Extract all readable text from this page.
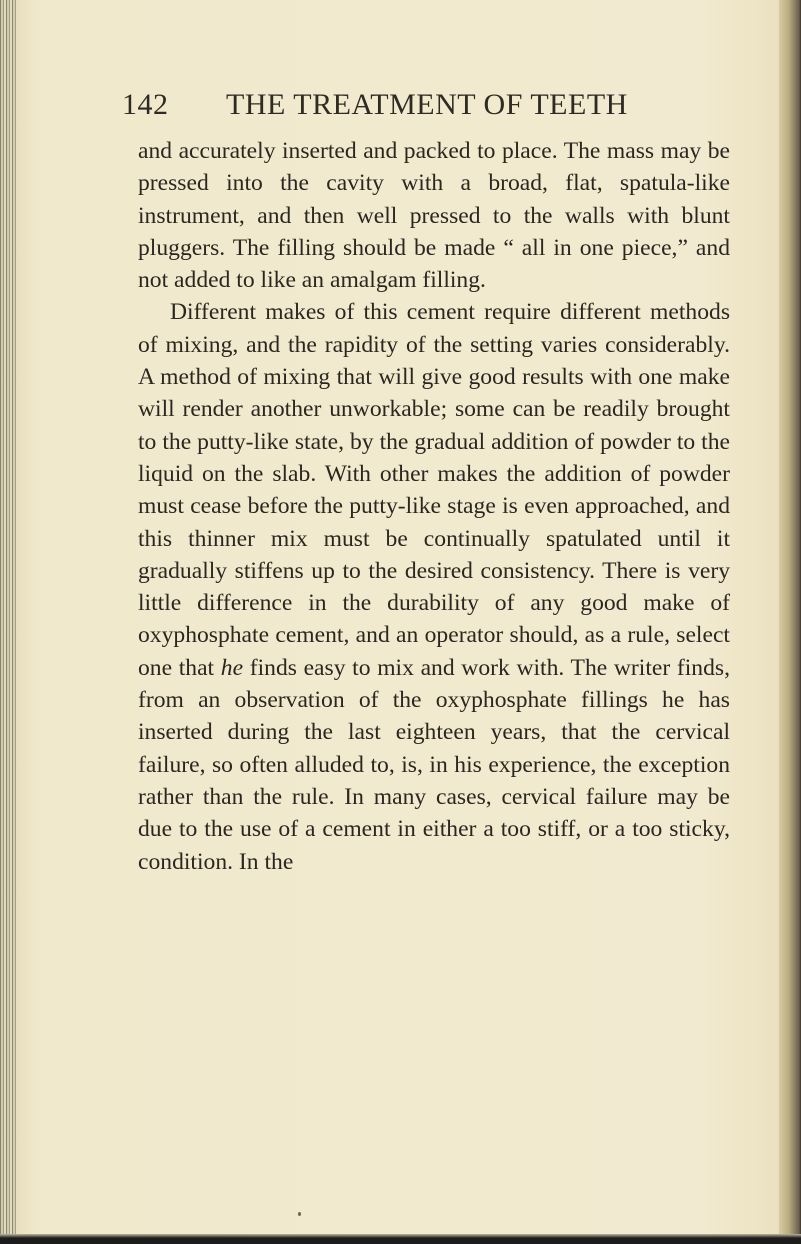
142 THE TREATMENT OF TEETH

and accurately inserted and packed to place. The mass may be pressed into the cavity with a broad, flat, spatula-like instrument, and then well pressed to the walls with blunt pluggers. The filling should be made “ all in one piece,” and not added to like an amalgam filling.

Different makes of this cement require different methods of mixing, and the rapidity of the setting varies considerably. A method of mixing that will give good results with one make will render another unworkable; some can be readily brought to the putty-like state, by the gradual addition of powder to the liquid on the slab. With other makes the addition of powder must cease before the putty-like stage is even approached, and this thinner mix must be continually spatulated until it gradually stiffens up to the desired consistency. There is very little difference in the durability of any good make of oxyphosphate cement, and an operator should, as a rule, select one that he finds easy to mix and work with. The writer finds, from an observation of the oxyphosphate fillings he has inserted during the last eighteen years, that the cervical failure, so often alluded to, is, in his experience, the exception rather than the rule. In many cases, cervical failure may be due to the use of a cement in either a too stiff, or a too sticky, condition. In the
